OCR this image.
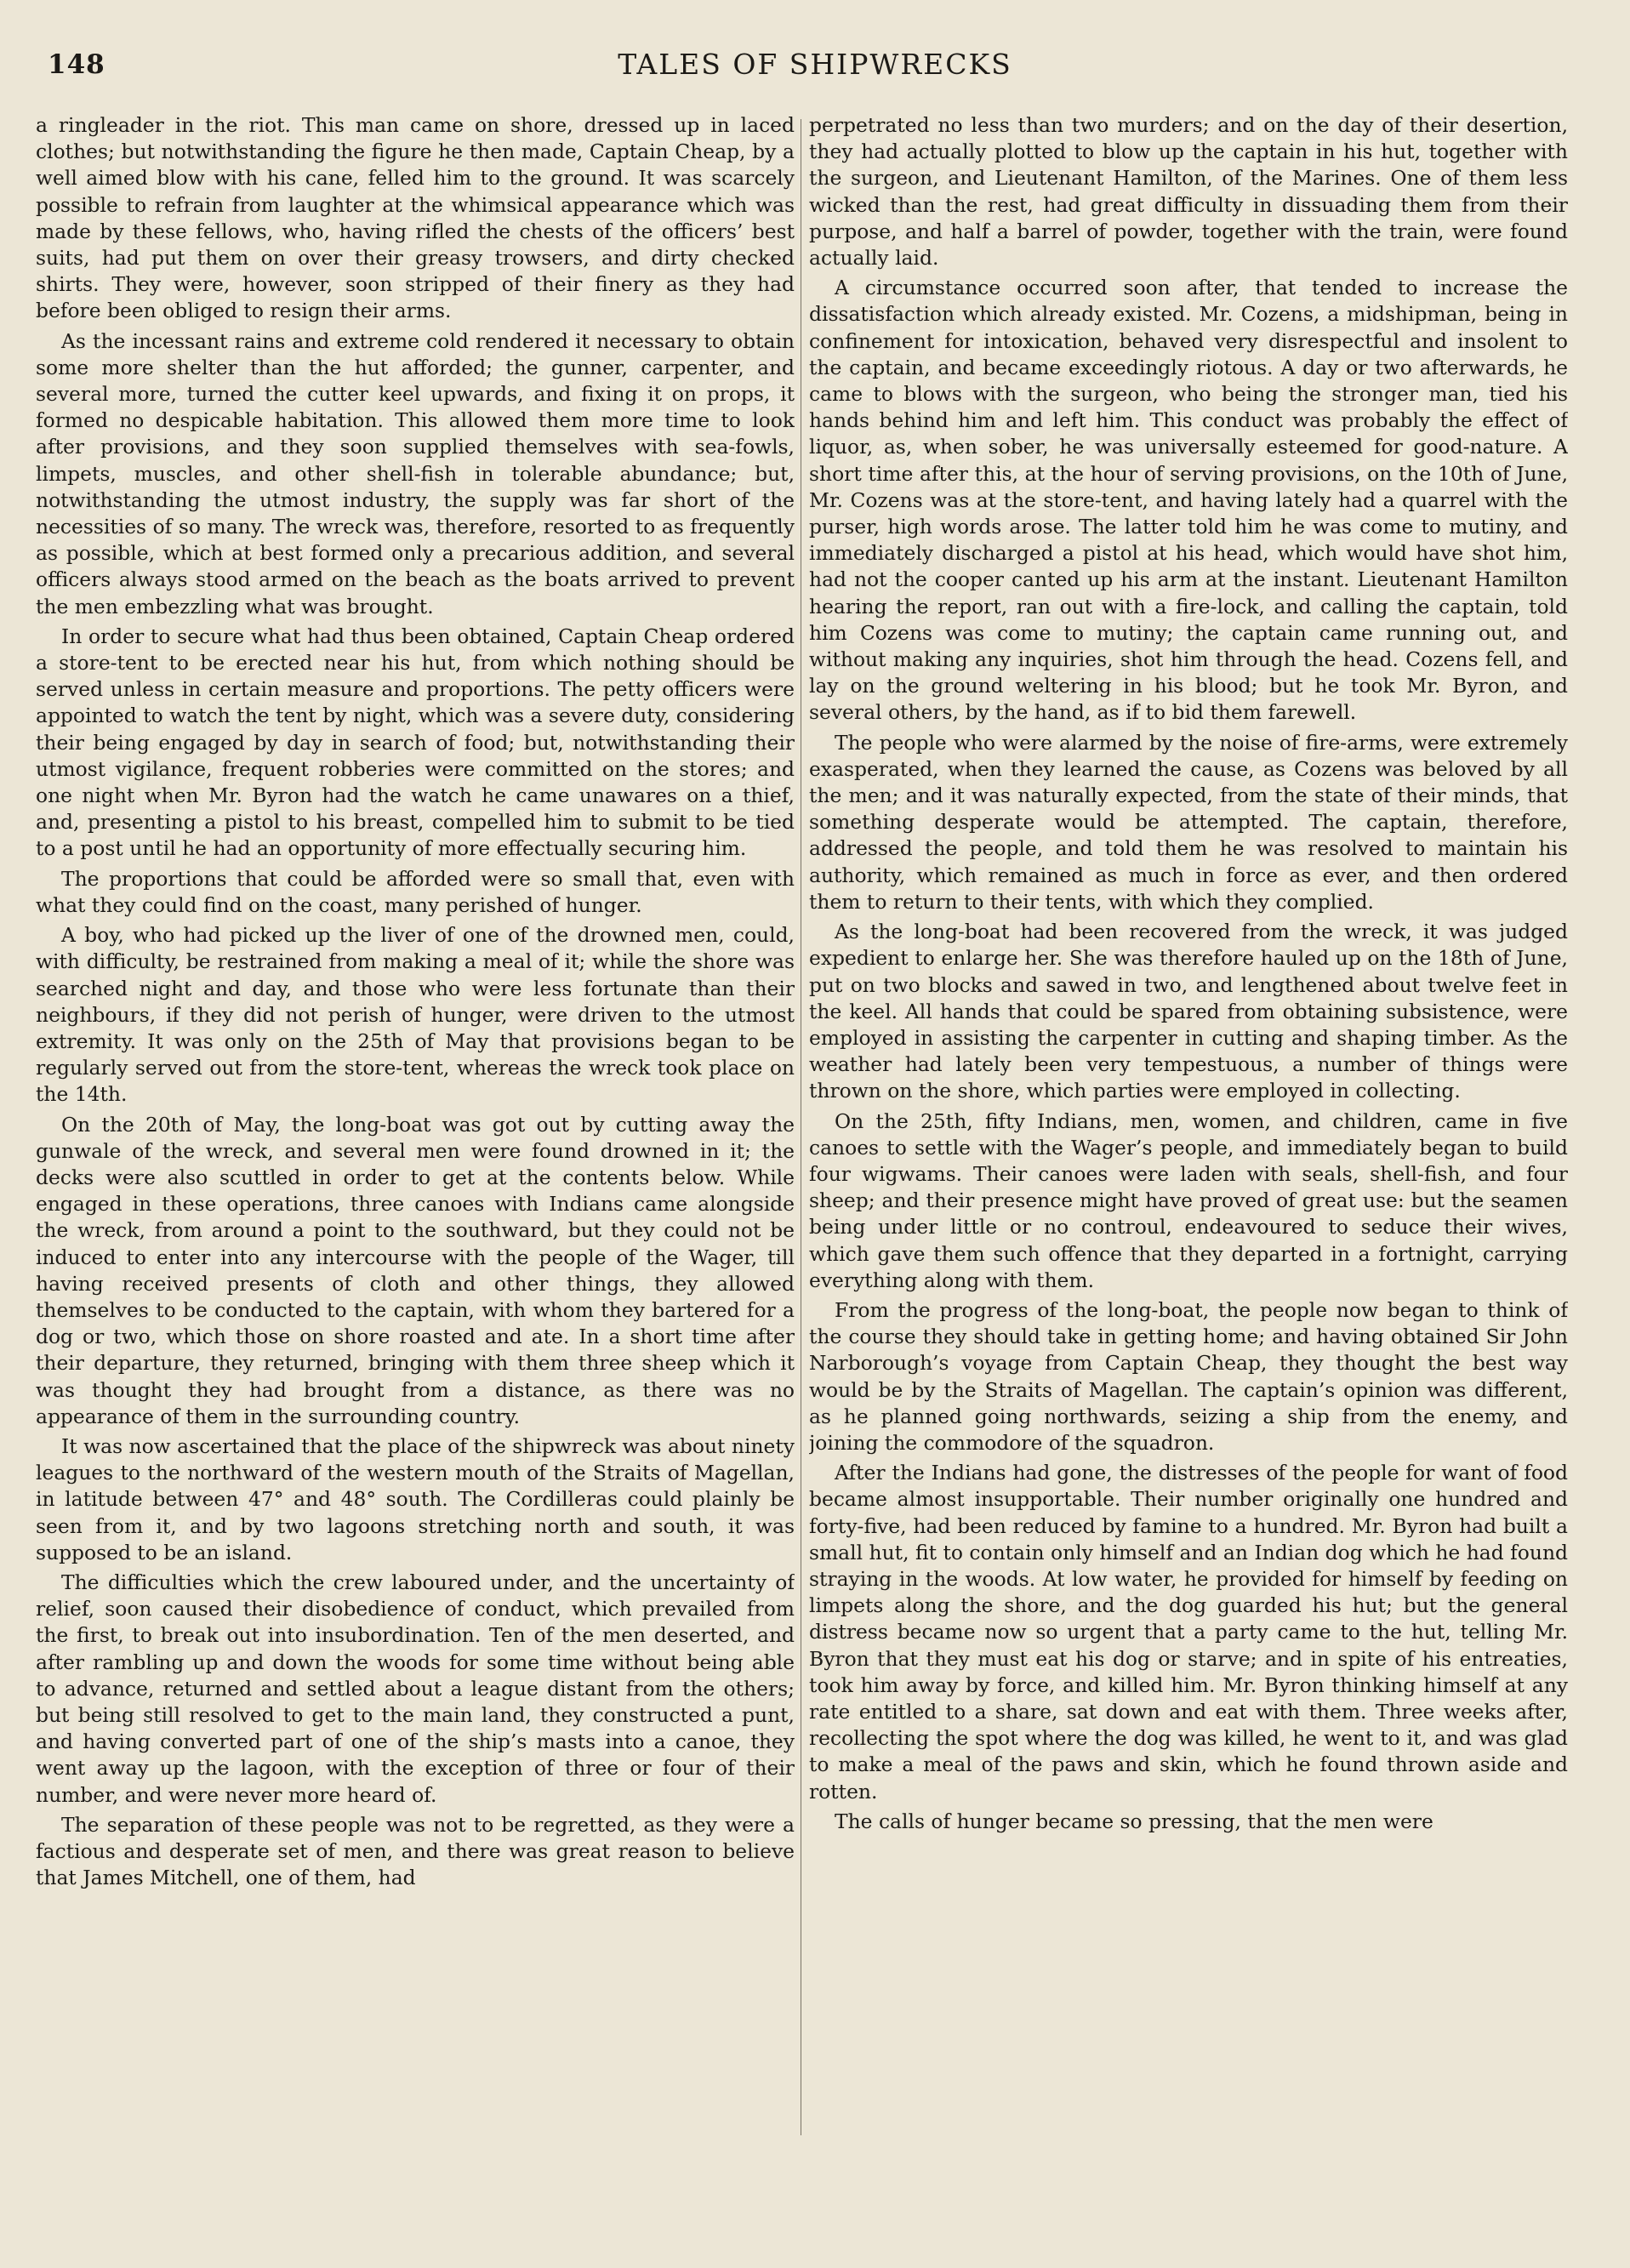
148	TALES OF SHIPWRECKS

a ringleader in the riot. This man came on shore, dressed up in laced clothes; but notwithstanding the figure he then made, Captain Cheap, by a well aimed blow with his cane, felled him to the ground. It was scarcely possible to refrain from laughter at the whimsical appearance which was made by these fellows, who, having rifled the chests of the officers’ best suits, had put them on over their greasy trowsers, and dirty checked shirts. They were, however, soon stripped of their finery as they had before been obliged to resign their arms.

As the incessant rains and extreme cold rendered it necessary to obtain some more shelter than the hut afforded; the gunner, carpenter, and several more, turned the cutter keel upwards, and fixing it on props, it formed no despicable habitation. This allowed them more time to look after provisions, and they soon supplied themselves with sea-fowls, limpets, muscles, and other shell-fish in tolerable abundance; but, notwithstanding the utmost industry, the supply was far short of the necessities of so many. The wreck was, therefore, resorted to as frequently as possible, which at best formed only a precarious addition, and several officers always stood armed on the beach as the boats arrived to prevent the men embezzling what was brought.

In order to secure what had thus been obtained, Captain Cheap ordered a store-tent to be erected near his hut, from which nothing should be served unless in certain measure and proportions. The petty officers were appointed to watch the tent by night, which was a severe duty, considering their being engaged by day in search of food; but, notwithstanding their utmost vigilance, frequent robberies were committed on the stores; and one night when Mr. Byron had the watch he came unawares on a thief, and, presenting a pistol to his breast, compelled him to submit to be tied to a post until he had an opportunity of more effectually securing him.

The proportions that could be afforded were so small that, even with what they could find on the coast, many perished of hunger.

A boy, who had picked up the liver of one of the drowned men, could, with difficulty, be restrained from making a meal of it; while the shore was searched night and day, and those who were less fortunate than their neighbours, if they did not perish of hunger, were driven to the utmost extremity. It was only on the 25th of May that provisions began to be regularly served out from the store-tent, whereas the wreck took place on the 14th.

On the 20th of May, the long-boat was got out by cutting away the gunwale of the wreck, and several men were found drowned in it; the decks were also scuttled in order to get at the contents below. While engaged in these operations, three canoes with Indians came alongside the wreck, from around a point to the southward, but they could not be induced to enter into any intercourse with the people of the Wager, till having received presents of cloth and other things, they allowed themselves to be conducted to the captain, with whom they bartered for a dog or two, which those on shore roasted and ate. In a short time after their departure, they returned, bringing with them three sheep which it was thought they had brought from a distance, as there was no appearance of them in the surrounding country.

It was now ascertained that the place of the shipwreck was about ninety leagues to the northward of the western mouth of the Straits of Magellan, in latitude between 47° and 48° south. The Cordilleras could plainly be seen from it, and by two lagoons stretching north and south, it was supposed to be an island.

The difficulties which the crew laboured under, and the uncertainty of relief, soon caused their disobedience of conduct, which prevailed from the first, to break out into insubordination. Ten of the men deserted, and after rambling up and down the woods for some time without being able to advance, returned and settled about a league distant from the others; but being still resolved to get to the main land, they constructed a punt, and having converted part of one of the ship’s masts into a canoe, they went away up the lagoon, with the exception of three or four of their number, and were never more heard of.

The separation of these people was not to be regretted, as they were a factious and desperate set of men, and there was great reason to believe that James Mitchell, one of them, had

perpetrated no less than two murders; and on the day of their desertion, they had actually plotted to blow up the captain in his hut, together with the surgeon, and Lieutenant Hamilton, of the Marines. One of them less wicked than the rest, had great difficulty in dissuading them from their purpose, and half a barrel of powder, together with the train, were found actually laid.

A circumstance occurred soon after, that tended to increase the dissatisfaction which already existed. Mr. Cozens, a midshipman, being in confinement for intoxication, behaved very disrespectful and insolent to the captain, and became exceedingly riotous. A day or two afterwards, he came to blows with the surgeon, who being the stronger man, tied his hands behind him and left him. This conduct was probably the effect of liquor, as, when sober, he was universally esteemed for good-nature. A short time after this, at the hour of serving provisions, on the 10th of June, Mr. Cozens was at the store-tent, and having lately had a quarrel with the purser, high words arose. The latter told him he was come to mutiny, and immediately discharged a pistol at his head, which would have shot him, had not the cooper canted up his arm at the instant. Lieutenant Hamilton hearing the report, ran out with a fire-lock, and calling the captain, told him Cozens was come to mutiny; the captain came running out, and without making any inquiries, shot him through the head. Cozens fell, and lay on the ground weltering in his blood; but he took Mr. Byron, and several others, by the hand, as if to bid them farewell.

The people who were alarmed by the noise of fire-arms, were extremely exasperated, when they learned the cause, as Cozens was beloved by all the men; and it was naturally expected, from the state of their minds, that something desperate would be attempted. The captain, therefore, addressed the people, and told them he was resolved to maintain his authority, which remained as much in force as ever, and then ordered them to return to their tents, with which they complied.

As the long-boat had been recovered from the wreck, it was judged expedient to enlarge her. She was therefore hauled up on the 18th of June, put on two blocks and sawed in two, and lengthened about twelve feet in the keel. All hands that could be spared from obtaining subsistence, were employed in assisting the carpenter in cutting and shaping timber. As the weather had lately been very tempestuous, a number of things were thrown on the shore, which parties were employed in collecting.

On the 25th, fifty Indians, men, women, and children, came in five canoes to settle with the Wager’s people, and immediately began to build four wigwams. Their canoes were laden with seals, shell-fish, and four sheep; and their presence might have proved of great use: but the seamen being under little or no controul, endeavoured to seduce their wives, which gave them such offence that they departed in a fortnight, carrying everything along with them.

From the progress of the long-boat, the people now began to think of the course they should take in getting home; and having obtained Sir John Narborough’s voyage from Captain Cheap, they thought the best way would be by the Straits of Magellan. The captain’s opinion was different, as he planned going northwards, seizing a ship from the enemy, and joining the commodore of the squadron.

After the Indians had gone, the distresses of the people for want of food became almost insupportable. Their number originally one hundred and forty-five, had been reduced by famine to a hundred. Mr. Byron had built a small hut, fit to contain only himself and an Indian dog which he had found straying in the woods. At low water, he provided for himself by feeding on limpets along the shore, and the dog guarded his hut; but the general distress became now so urgent that a party came to the hut, telling Mr. Byron that they must eat his dog or starve; and in spite of his entreaties, took him away by force, and killed him. Mr. Byron thinking himself at any rate entitled to a share, sat down and eat with them. Three weeks after, recollecting the spot where the dog was killed, he went to it, and was glad to make a meal of the paws and skin, which he found thrown aside and rotten.

The calls of hunger became so pressing, that the men were
